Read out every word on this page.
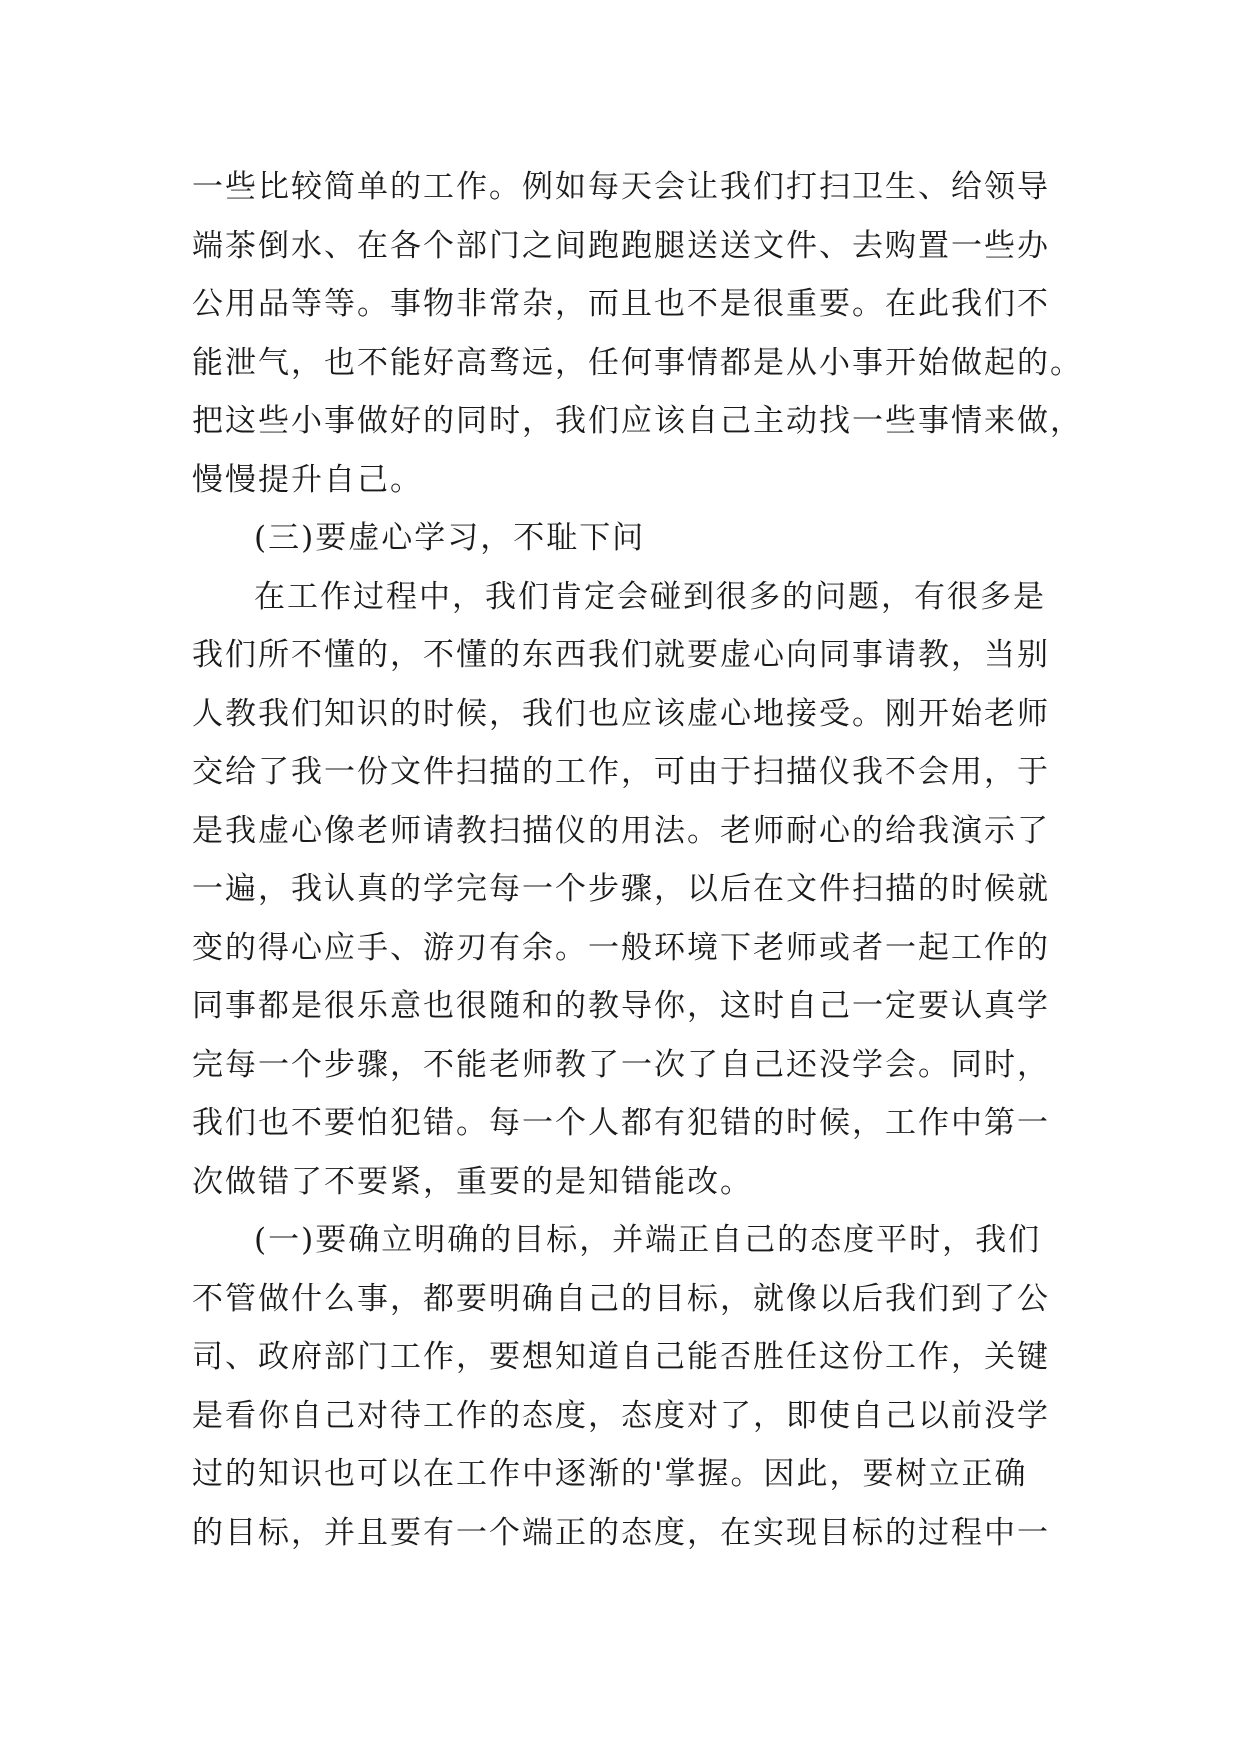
一些比较简单的工作。例如每天会让我们打扫卫生、给领导
端茶倒水、在各个部门之间跑跑腿送送文件、去购置一些办
公用品等等。事物非常杂，而且也不是很重要。在此我们不
能泄气，也不能好高骛远，任何事情都是从小事开始做起的。
把这些小事做好的同时，我们应该自己主动找一些事情来做，
慢慢提升自己。
(三)要虚心学习，不耻下问
在工作过程中，我们肯定会碰到很多的问题，有很多是
我们所不懂的，不懂的东西我们就要虚心向同事请教，当别
人教我们知识的时候，我们也应该虚心地接受。刚开始老师
交给了我一份文件扫描的工作，可由于扫描仪我不会用，于
是我虚心像老师请教扫描仪的用法。老师耐心的给我演示了
一遍，我认真的学完每一个步骤，以后在文件扫描的时候就
变的得心应手、游刃有余。一般环境下老师或者一起工作的
同事都是很乐意也很随和的教导你，这时自己一定要认真学
完每一个步骤，不能老师教了一次了自己还没学会。同时，
我们也不要怕犯错。每一个人都有犯错的时候，工作中第一
次做错了不要紧，重要的是知错能改。
(一)要确立明确的目标，并端正自己的态度平时，我们
不管做什么事，都要明确自己的目标，就像以后我们到了公
司、政府部门工作，要想知道自己能否胜任这份工作，关键
是看你自己对待工作的态度，态度对了，即使自己以前没学
过的知识也可以在工作中逐渐的'掌握。因此，要树立正确
的目标，并且要有一个端正的态度，在实现目标的过程中一
